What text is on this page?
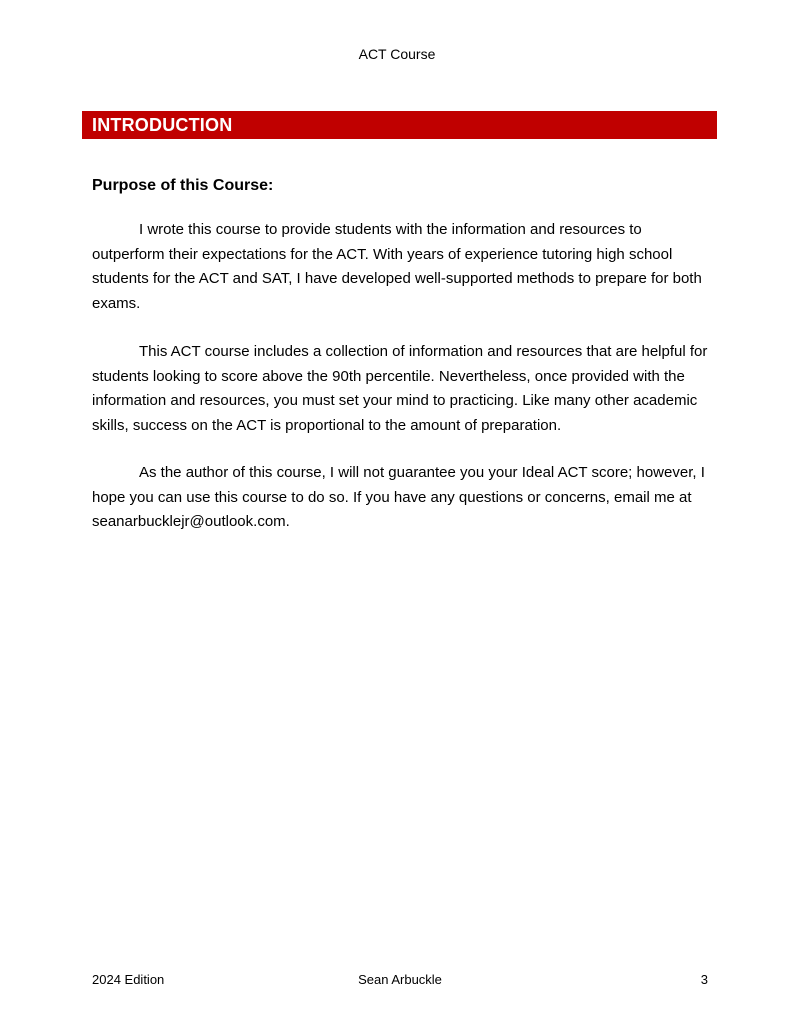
ACT Course
INTRODUCTION
Purpose of this Course:

I wrote this course to provide students with the information and resources to outperform their expectations for the ACT. With years of experience tutoring high school students for the ACT and SAT, I have developed well-supported methods to prepare for both exams.

This ACT course includes a collection of information and resources that are helpful for students looking to score above the 90th percentile. Nevertheless, once provided with the information and resources, you must set your mind to practicing. Like many other academic skills, success on the ACT is proportional to the amount of preparation.

As the author of this course, I will not guarantee you your Ideal ACT score; however, I hope you can use this course to do so. If you have any questions or concerns, email me at seanarbucklejr@outlook.com.

2024 Edition	Sean Arbuckle	3
